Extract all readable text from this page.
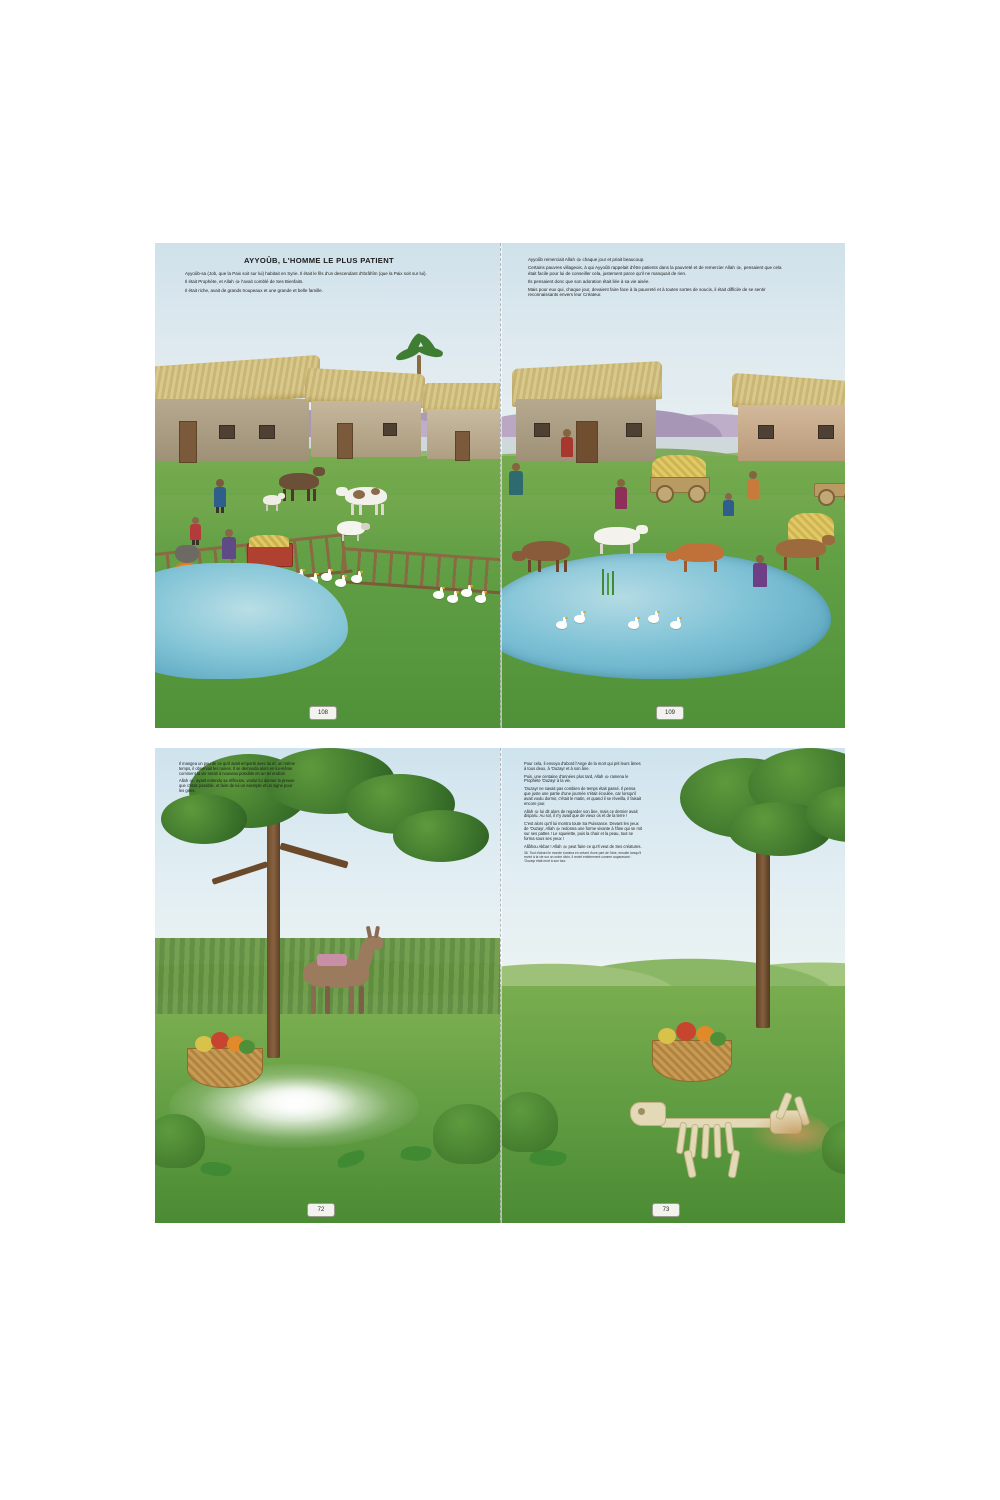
AYYOÛB, L'HOMME LE PLUS PATIENT

Ayyoûb-sa (Job, que la Paix soit sur lui) habitait en Syrie. Il était le fils d'un descendant d'Ibrâhîm (que la Paix soit sur lui).

Il était Prophète, et Allah ﷻ l'avait comblé de Ses Bienfaits.

Il était riche, avait de grands troupeaux et une grande et belle famille.

108

Ayyoûb remerciait Allah ﷻ chaque jour et priait beaucoup.

Certains pauvres villageois, à qui Ayyoûb rappelait d'être patients dans la pauvreté et de remercier Allah ﷻ, pensaient que cela était facile pour lui de conseiller cela, justement parce qu'il ne manquait de rien.

Ils pensaient donc que son adoration était liée à sa vie aisée.

Mais pour eux qui, chaque jour, devaient faire face à la pauvreté et à toutes sortes de soucis, il était difficile de se sentir reconnaissants envers leur Créateur.

109

Il mangea un peu de ce qu'il avait emporté avec lui et, un même temps, il observait les ruines. Il se demanda alors en lui-même comment la vie serait à nouveau possible en un tel endroit.

Allah ﷻ, ayant entendu sa réflexion, voulut lui donner la preuve que c'était possible, et faire de lui un exemple et un signe pour les gens.

72

Pour cela, il envoya d'abord l'Ange de la mort qui prit leurs âmes à tous deux, à 'Ouzayr et à son âne.

Puis, une centaine d'années plus tard, Allah ﷻ ramena le Prophète 'Ouzayr à la vie.

'Ouzayr ne savait pas combien de temps était passé. Il pensa que juste une partie d'une journée s'était écoulée, car lorsqu'il avait voulu dormir, c'était le matin, et quand il se réveilla, il faisait encore jour.

Allah ﷻ lui dit alors de regarder son âne, mais ce dernier avait disparu. Au sol, il n'y avait que de vieux os et de la terre !

C'est alors qu'Il lui montra toute Sa Puissance. Devant les yeux de 'Ouzayr, Allah ﷻ redonna une forme vivante à l'âne qui se mit sur ses pattes ! Le squelette, puis la chair et la peau, tout se forma sous ses yeux !

Allâhou Akbar ! Allah ﷻ peut faire ce qu'Il veut de Ses créatures.

36. Tout d'abord le monde s'anima en créant d'une part de l'âne, ensuite lorsqu'il revint à la vie sur un ordre divin, il revint entièrement comme auparavant : 'Ouzayr était mort à son tour.

73
